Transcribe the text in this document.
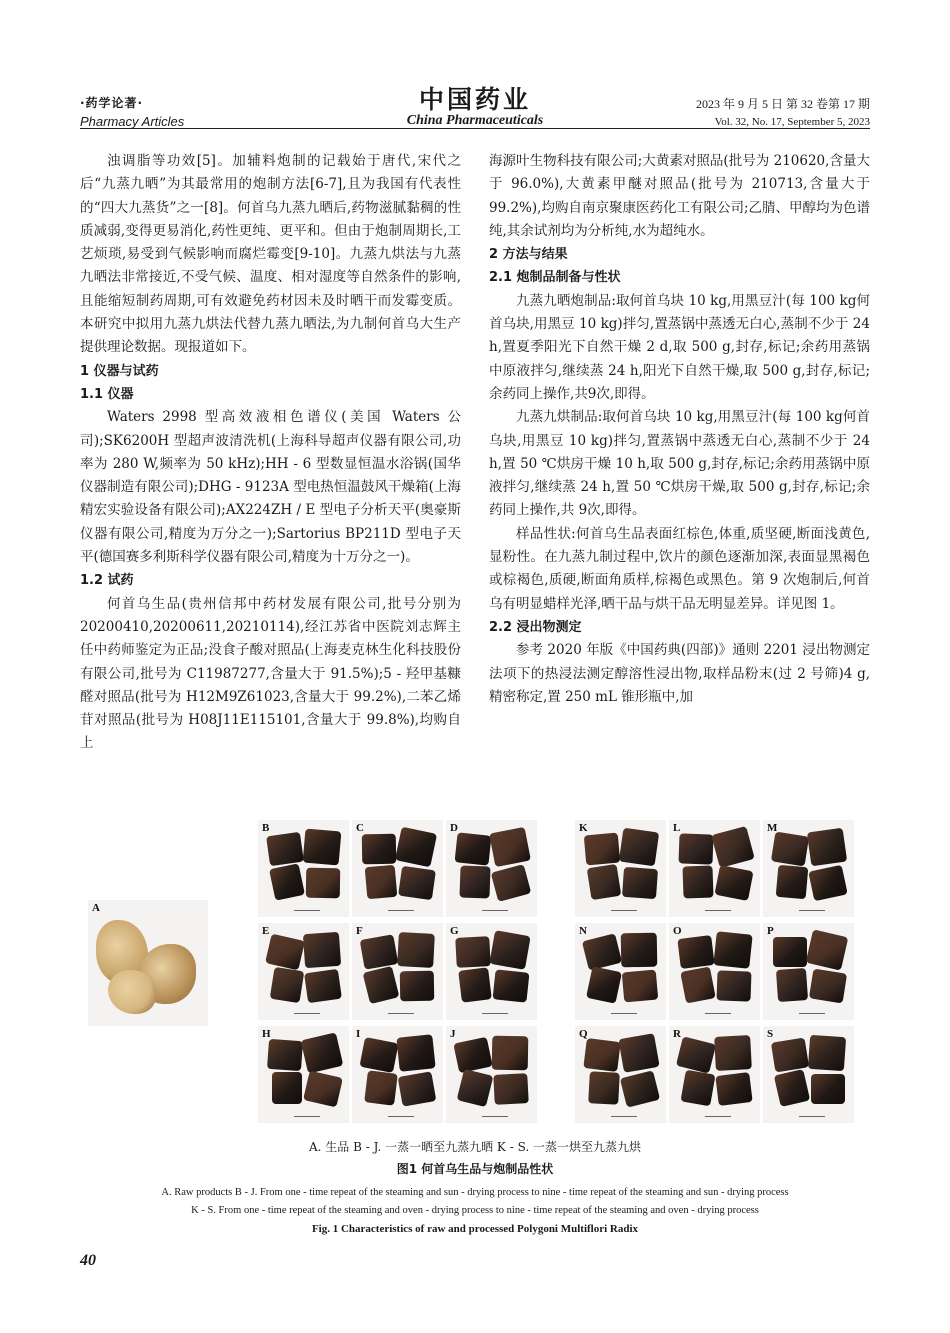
·药学论著·
Pharmacy Articles
中国药业
China Pharmaceuticals
2023 年 9 月 5 日 第 32 卷第 17 期
Vol. 32, No. 17, September 5, 2023

浊调脂等功效[5]。加辅料炮制的记载始于唐代,宋代之后“九蒸九晒”为其最常用的炮制方法[6-7],且为我国有代表性的“四大九蒸货”之一[8]。何首乌九蒸九晒后,药物滋腻黏稠的性质减弱,变得更易消化,药性更纯、更平和。但由于炮制周期长,工艺烦琐,易受到气候影响而腐烂霉变[9-10]。九蒸九烘法与九蒸九晒法非常接近,不受气候、温度、相对湿度等自然条件的影响,且能缩短制药周期,可有效避免药材因未及时晒干而发霉变质。本研究中拟用九蒸九烘法代替九蒸九晒法,为九制何首乌大生产提供理论数据。现报道如下。

1 仪器与试药

1.1 仪器

Waters 2998 型高效液相色谱仪(美国 Waters 公司);SK6200H 型超声波清洗机(上海科导超声仪器有限公司,功率为 280 W,频率为 50 kHz);HH - 6 型数显恒温水浴锅(国华仪器制造有限公司);DHG - 9123A 型电热恒温鼓风干燥箱(上海精宏实验设备有限公司);AX224ZH / E 型电子分析天平(奥豪斯仪器有限公司,精度为万分之一);Sartorius BP211D 型电子天平(德国赛多利斯科学仪器有限公司,精度为十万分之一)。

1.2 试药

何首乌生品(贵州信邦中药材发展有限公司,批号分别为 20200410,20200611,20210114),经江苏省中医院刘志辉主任中药师鉴定为正品;没食子酸对照品(上海麦克林生化科技股份有限公司,批号为 C11987277,含量大于 91.5%);5 - 羟甲基糠醛对照品(批号为 H12M9Z61023,含量大于 99.2%),二苯乙烯苷对照品(批号为 H08J11E115101,含量大于 99.8%),均购自上

海源叶生物科技有限公司;大黄素对照品(批号为 210620,含量大于 96.0%),大黄素甲醚对照品(批号为 210713,含量大于 99.2%),均购自南京聚康医药化工有限公司;乙腈、甲醇均为色谱纯,其余试剂均为分析纯,水为超纯水。

2 方法与结果

2.1 炮制品制备与性状

九蒸九晒炮制品:取何首乌块 10 kg,用黑豆汁(每 100 kg何首乌块,用黑豆 10 kg)拌匀,置蒸锅中蒸透无白心,蒸制不少于 24 h,置夏季阳光下自然干燥 2 d,取 500 g,封存,标记;余药用蒸锅中原液拌匀,继续蒸 24 h,阳光下自然干燥,取 500 g,封存,标记;余药同上操作,共9次,即得。

九蒸九烘制品:取何首乌块 10 kg,用黑豆汁(每 100 kg何首乌块,用黑豆 10 kg)拌匀,置蒸锅中蒸透无白心,蒸制不少于 24 h,置 50 ℃烘房干燥 10 h,取 500 g,封存,标记;余药用蒸锅中原液拌匀,继续蒸 24 h,置 50 ℃烘房干燥,取 500 g,封存,标记;余药同上操作,共 9次,即得。

样品性状:何首乌生品表面红棕色,体重,质坚硬,断面浅黄色,显粉性。在九蒸九制过程中,饮片的颜色逐渐加深,表面显黑褐色或棕褐色,质硬,断面角质样,棕褐色或黑色。第 9 次炮制后,何首乌有明显蜡样光泽,晒干品与烘干品无明显差异。详见图 1。

2.2 浸出物测定

参考 2020 年版《中国药典(四部)》通则 2201 浸出物测定法项下的热浸法测定醇溶性浸出物,取样品粉末(过 2 号筛)4 g,精密称定,置 250 mL 锥形瓶中,加

A
B	C	D
E	F	G
H	I	J
K	L	M
N	O	P
Q	R	S
A. 生品 B - J. 一蒸一晒至九蒸九晒 K - S. 一蒸一烘至九蒸九烘
图1 何首乌生品与炮制品性状
A. Raw products B - J. From one - time repeat of the steaming and sun - drying process to nine - time repeat of the steaming and sun - drying process
K - S. From one - time repeat of the steaming and oven - drying process to nine - time repeat of the steaming and oven - drying process
Fig. 1 Characteristics of raw and processed Polygoni Multiflori Radix
40
